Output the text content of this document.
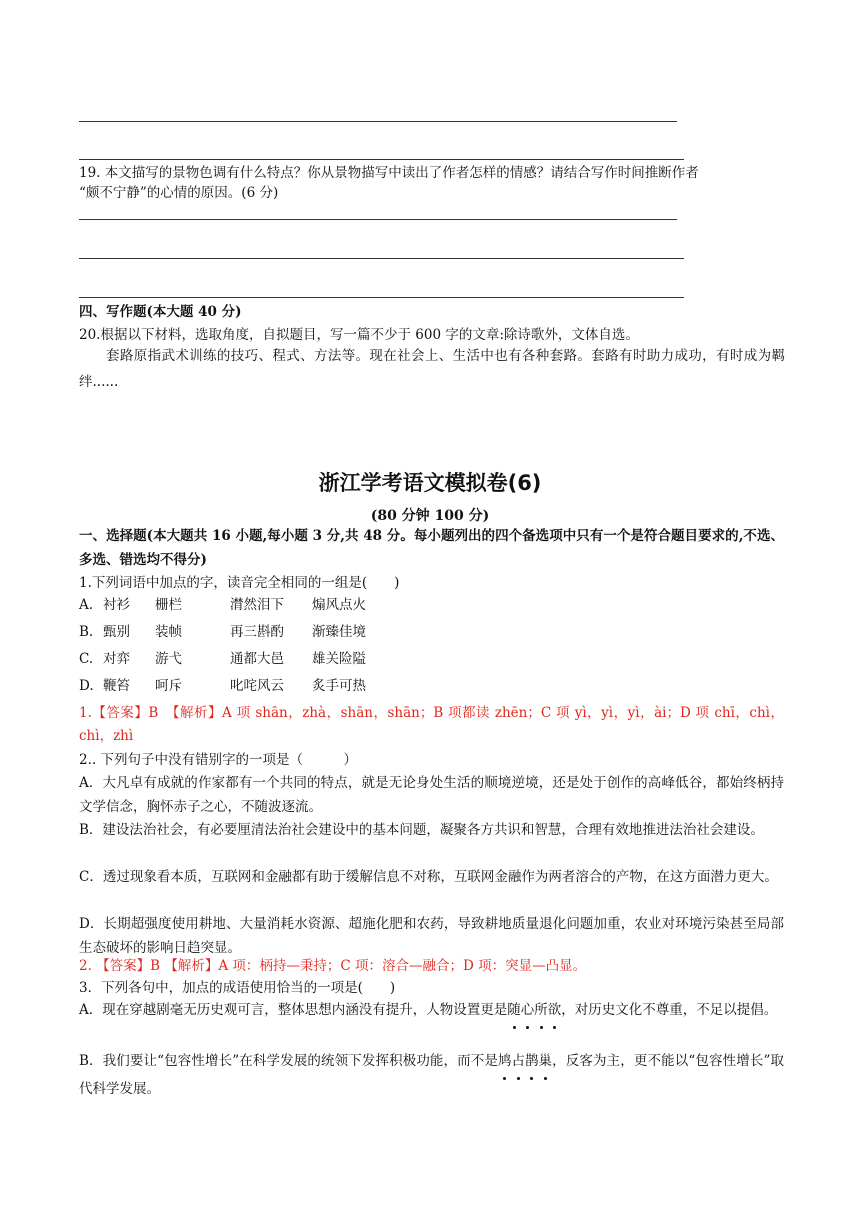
19. 本文描写的景物色调有什么特点？你从景物描写中读出了作者怎样的情感？请结合写作时间推断作者
“颇不宁静”的心情的原因。(6 分)
四、写作题(本大题 40 分)
20.根据以下材料，选取角度，自拟题目，写一篇不少于 600 字的文章:除诗歌外，文体自选。
套路原指武术训练的技巧、程式、方法等。现在社会上、生活中也有各种套路。套路有时助力成功，有时成为羁绊......
浙江学考语文模拟卷(6)
(80 分钟 100 分)
一、选择题(本大题共 16 小题,每小题 3 分,共 48 分。每小题列出的四个备选项中只有一个是符合题目要求的,不选、多选、错选均不得分)
1.下列词语中加点的字，读音完全相同的一组是(　　)
A. 衬衫 栅栏	潸然泪下 煽风点火
B. 甄别 装帧	再三斟酌 渐臻佳境
C. 对弈 游弋	通都大邑 雄关险隘
D. 鞭笞 呵斥	叱咤风云 炙手可热
1.【答案】B　【解析】A 项 shān，zhà，shān，shān；B 项都读 zhēn；C 项 yì，yì，yì，ài；D 项 chī，chì，chì，zhì
2.. 下列句子中没有错别字的一项是（　　　）
A．大凡卓有成就的作家都有一个共同的特点，就是无论身处生活的顺境逆境，还是处于创作的高峰低谷，都始终柄持文学信念，胸怀赤子之心，不随波逐流。
B．建设法治社会，有必要厘清法治社会建设中的基本问题，凝聚各方共识和智慧，合理有效地推进法治社会建设。
C．透过现象看本质，互联网和金融都有助于缓解信息不对称，互联网金融作为两者溶合的产物，在这方面潜力更大。
D．长期超强度使用耕地、大量消耗水资源、超施化肥和农药，导致耕地质量退化问题加重，农业对环境污染甚至局部生态破坏的影响日趋突显。
2. 【答案】B 【解析】A 项：柄持—秉持；C 项：溶合—融合；D 项：突显—凸显。
3．下列各句中，加点的成语使用恰当的一项是(　　)
A．现在穿越剧毫无历史观可言，整体思想内涵没有提升，人物设置更是随心所欲，对历史文化不尊重，不足以提倡。
B．我们要让“包容性增长”在科学发展的统领下发挥积极功能，而不是鸠占鹊巢，反客为主，更不能以“包容性增长”取代科学发展。
